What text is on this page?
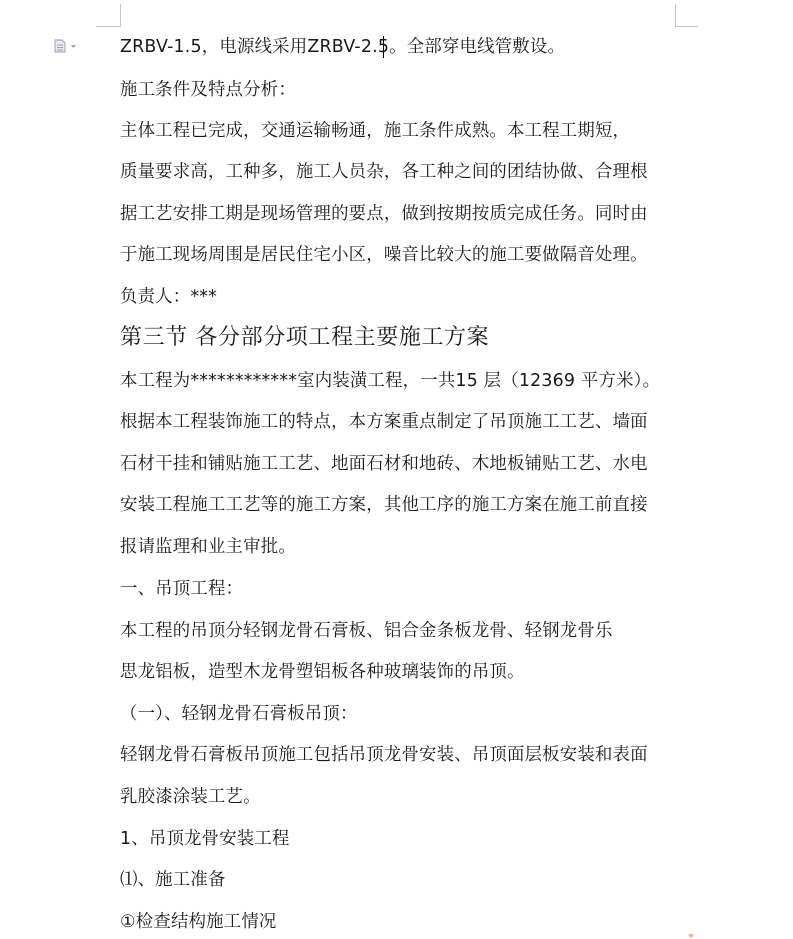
ZRBV-1.5，电源线采用ZRBV-2.5。全部穿电线管敷设。
施工条件及特点分析：
主体工程已完成，交通运输畅通，施工条件成熟。本工程工期短，
质量要求高，工种多，施工人员杂，各工种之间的团结协做、合理根
据工艺安排工期是现场管理的要点，做到按期按质完成任务。同时由
于施工现场周围是居民住宅小区，噪音比较大的施工要做隔音处理。
负责人：***
第三节 各分部分项工程主要施工方案
本工程为************室内装潢工程，一共15 层（12369 平方米）。
根据本工程装饰施工的特点，本方案重点制定了吊顶施工工艺、墙面
石材干挂和铺贴施工工艺、地面石材和地砖、木地板铺贴工艺、水电
安装工程施工工艺等的施工方案，其他工序的施工方案在施工前直接
报请监理和业主审批。
一、吊顶工程：
本工程的吊顶分轻钢龙骨石膏板、铝合金条板龙骨、轻钢龙骨乐
思龙铝板，造型木龙骨塑铝板各种玻璃装饰的吊顶。
（一）、轻钢龙骨石膏板吊顶：
轻钢龙骨石膏板吊顶施工包括吊顶龙骨安装、吊顶面层板安装和表面
乳胶漆涂装工艺。
1、吊顶龙骨安装工程
⑴、施工准备
①检查结构施工情况
